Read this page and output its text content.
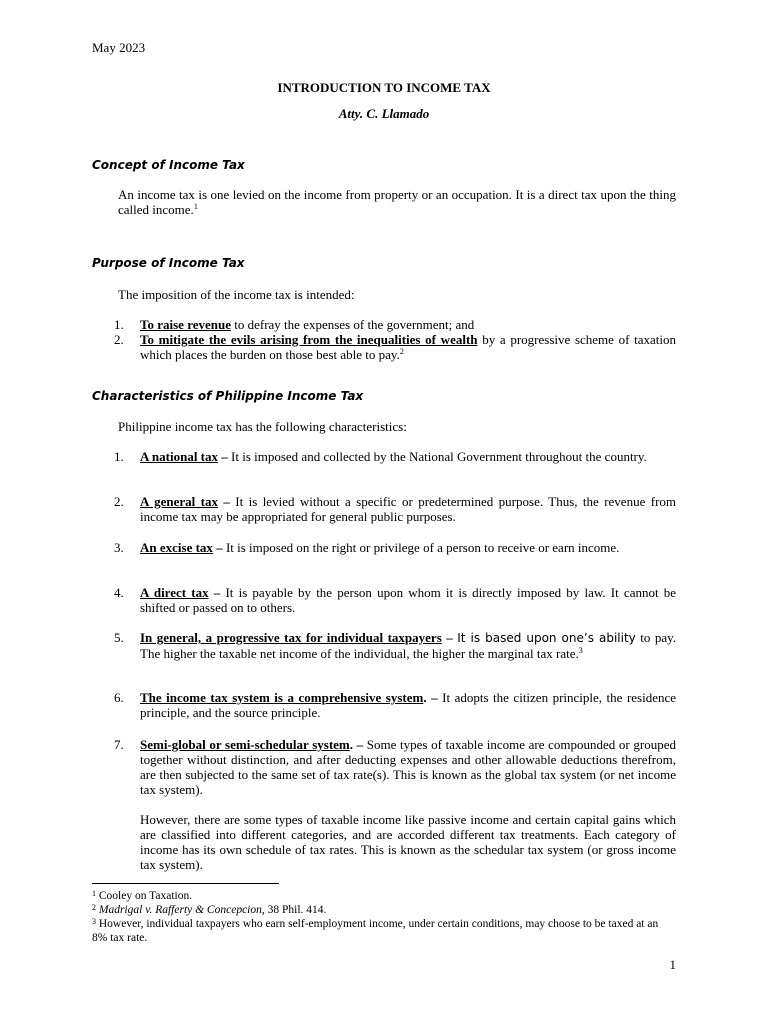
May 2023
INTRODUCTION TO INCOME TAX
Atty. C. Llamado
Concept of Income Tax
An income tax is one levied on the income from property or an occupation. It is a direct tax upon the thing called income.$^1$
Purpose of Income Tax
The imposition of the income tax is intended:
1. To raise revenue to defray the expenses of the government; and
2. To mitigate the evils arising from the inequalities of wealth by a progressive scheme of taxation which places the burden on those best able to pay.$^2$
Characteristics of Philippine Income Tax
Philippine income tax has the following characteristics:
1. A national tax – It is imposed and collected by the National Government throughout the country.
2. A general tax – It is levied without a specific or predetermined purpose. Thus, the revenue from income tax may be appropriated for general public purposes.
3. An excise tax – It is imposed on the right or privilege of a person to receive or earn income.
4. A direct tax – It is payable by the person upon whom it is directly imposed by law. It cannot be shifted or passed on to others.
5. In general, a progressive tax for individual taxpayers – It is based upon one’s ability to pay. The higher the taxable net income of the individual, the higher the marginal tax rate.$^3$
6. The income tax system is a comprehensive system. – It adopts the citizen principle, the residence principle, and the source principle.
7. Semi-global or semi-schedular system. – Some types of taxable income are compounded or grouped together without distinction, and after deducting expenses and other allowable deductions therefrom, are then subjected to the same set of tax rate(s). This is known as the global tax system (or net income tax system).
However, there are some types of taxable income like passive income and certain capital gains which are classified into different categories, and are accorded different tax treatments. Each category of income has its own schedule of tax rates. This is known as the schedular tax system (or gross income tax system).
$^1$ Cooley on Taxation.
$^2$ Madrigal v. Rafferty & Concepcion, 38 Phil. 414.
$^3$ However, individual taxpayers who earn self-employment income, under certain conditions, may choose to be taxed at an 8% tax rate.
1
